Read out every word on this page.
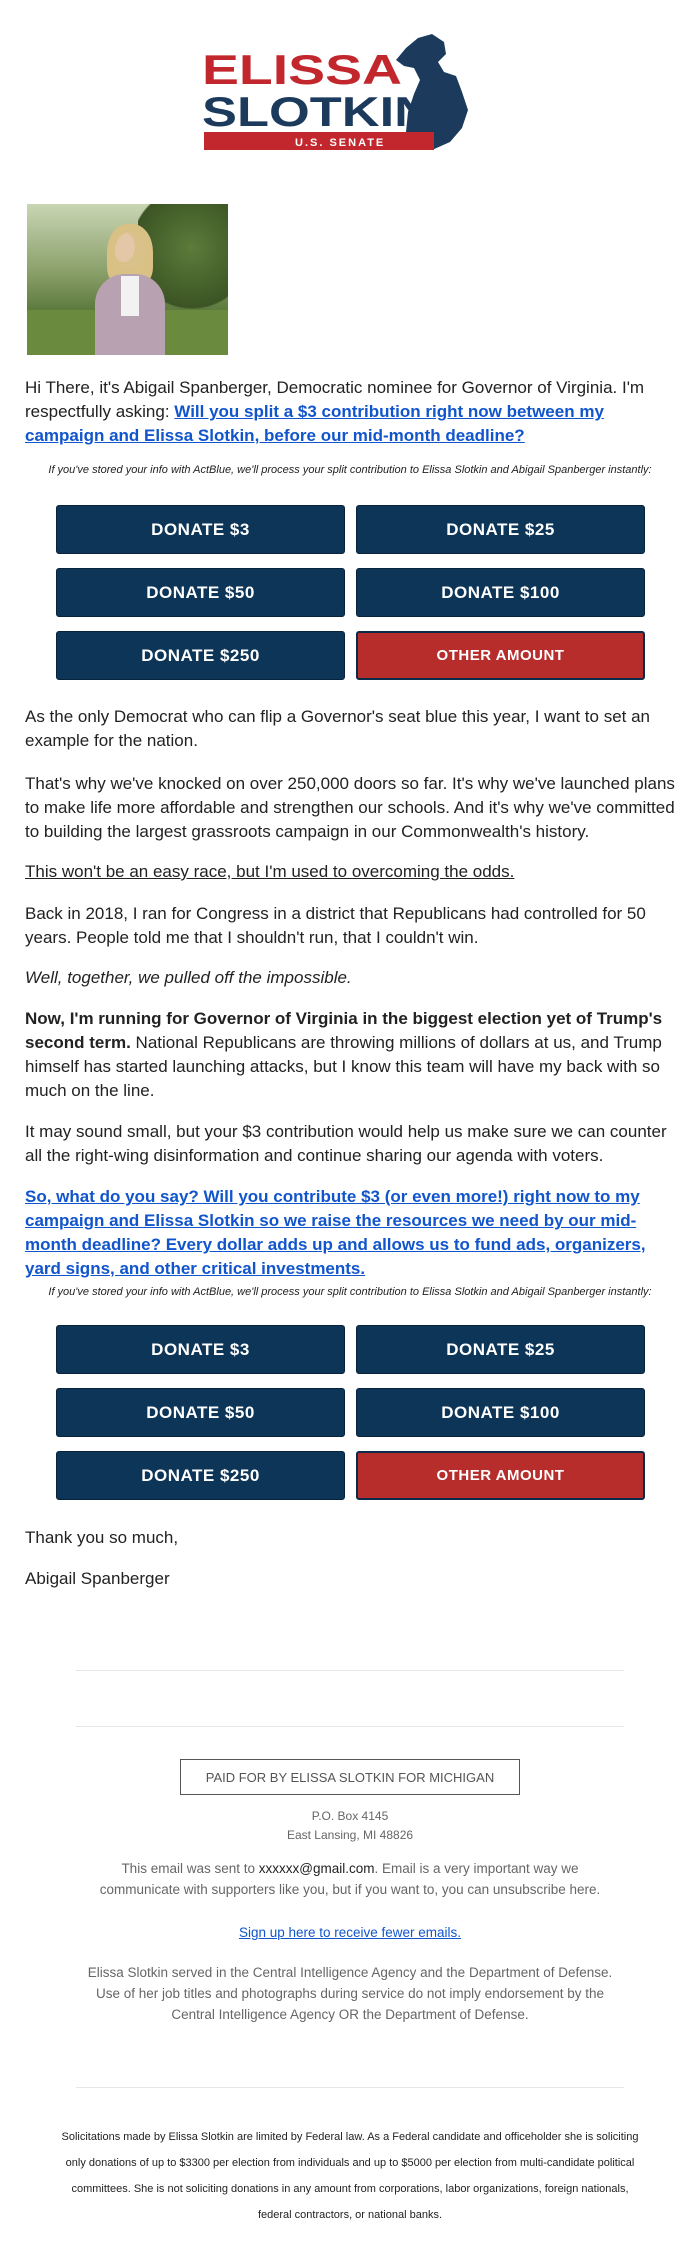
ELISSA
SLOTKIN
U.S. SENATE

Hi There, it's Abigail Spanberger, Democratic nominee for Governor of Virginia. I'm respectfully asking: Will you split a $3 contribution right now between my campaign and Elissa Slotkin, before our mid-month deadline?

If you've stored your info with ActBlue, we'll process your split contribution to Elissa Slotkin and Abigail Spanberger instantly:
DONATE $3	DONATE $25
DONATE $50	DONATE $100
DONATE $250	OTHER AMOUNT
As the only Democrat who can flip a Governor's seat blue this year, I want to set an example for the nation.
That's why we've knocked on over 250,000 doors so far. It's why we've launched plans to make life more affordable and strengthen our schools. And it's why we've committed to building the largest grassroots campaign in our Commonwealth's history.
This won't be an easy race, but I'm used to overcoming the odds.
Back in 2018, I ran for Congress in a district that Republicans had controlled for 50 years. People told me that I shouldn't run, that I couldn't win.
Well, together, we pulled off the impossible.

Now, I'm running for Governor of Virginia in the biggest election yet of Trump's second term. National Republicans are throwing millions of dollars at us, and Trump himself has started launching attacks, but I know this team will have my back with so much on the line.

It may sound small, but your $3 contribution would help us make sure we can counter all the right-wing disinformation and continue sharing our agenda with voters.

So, what do you say? Will you contribute $3 (or even more!) right now to my campaign and Elissa Slotkin so we raise the resources we need by our mid-month deadline? Every dollar adds up and allows us to fund ads, organizers, yard signs, and other critical investments.

If you've stored your info with ActBlue, we'll process your split contribution to Elissa Slotkin and Abigail Spanberger instantly:
DONATE $3	DONATE $25
DONATE $50	DONATE $100
DONATE $250	OTHER AMOUNT
Thank you so much,
Abigail Spanberger
PAID FOR BY ELISSA SLOTKIN FOR MICHIGAN
P.O. Box 4145
East Lansing, MI 48826
This email was sent to xxxxxx@gmail.com. Email is a very important way we communicate with supporters like you, but if you want to, you can unsubscribe here.
Sign up here to receive fewer emails.
Elissa Slotkin served in the Central Intelligence Agency and the Department of Defense. Use of her job titles and photographs during service do not imply endorsement by the Central Intelligence Agency OR the Department of Defense.
Solicitations made by Elissa Slotkin are limited by Federal law. As a Federal candidate and officeholder she is soliciting only donations of up to $3300 per election from individuals and up to $5000 per election from multi-candidate political committees. She is not soliciting donations in any amount from corporations, labor organizations, foreign nationals, federal contractors, or national banks.
